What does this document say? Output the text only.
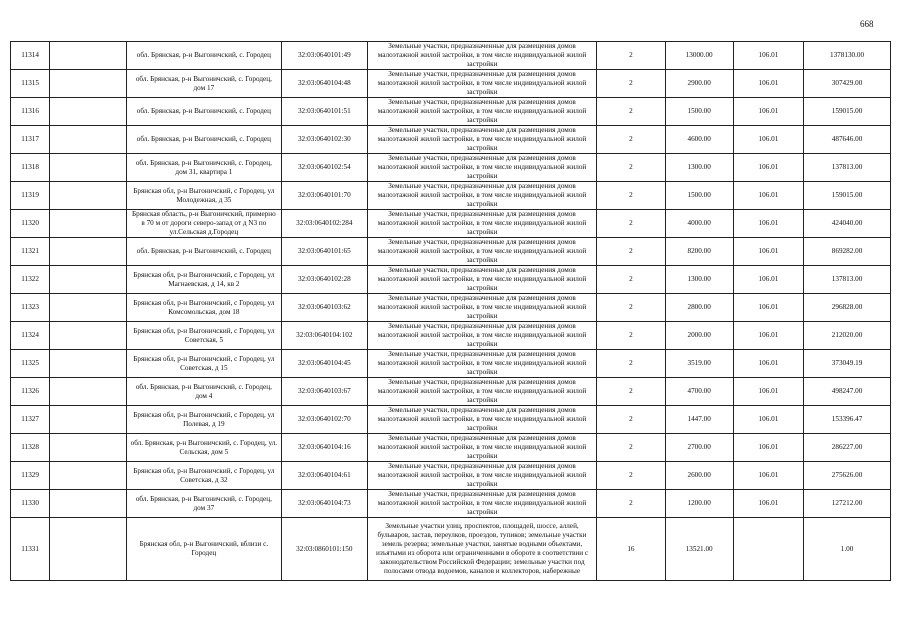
668
11314		обл. Брянская, р-н Выгоничский, с. Городец	32:03:0640101:49	Земельные участки, предназначенные для размещения домов малоэтажной жилой застройки, в том числе индивидуальной жилой застройки	2	13000.00	106.01	1378130.00
11315		обл. Брянская, р-н Выгоничский, с. Городец, дом 17	32:03:0640104:48	Земельные участки, предназначенные для размещения домов малоэтажной жилой застройки, в том числе индивидуальной жилой застройки	2	2900.00	106.01	307429.00
11316		обл. Брянская, р-н Выгоничский, с. Городец	32:03:0640101:51	Земельные участки, предназначенные для размещения домов малоэтажной жилой застройки, в том числе индивидуальной жилой застройки	2	1500.00	106.01	159015.00
11317		обл. Брянская, р-н Выгоничский, с. Городец	32:03:0640102:30	Земельные участки, предназначенные для размещения домов малоэтажной жилой застройки, в том числе индивидуальной жилой застройки	2	4600.00	106.01	487646.00
11318		обл. Брянская, р-н Выгоничский, с. Городец, дом 31, квартира 1	32:03:0640102:54	Земельные участки, предназначенные для размещения домов малоэтажной жилой застройки, в том числе индивидуальной жилой застройки	2	1300.00	106.01	137813.00
11319		Брянская обл, р-н Выгоничский, с Городец, ул Молодежная, д 35	32:03:0640101:70	Земельные участки, предназначенные для размещения домов малоэтажной жилой застройки, в том числе индивидуальной жилой застройки	2	1500.00	106.01	159015.00
11320		Брянская область, р-н Выгоничский, примерно в 70 м от дороги северо-запад от д N3 по ул.Сельская д.Городец	32:03:0640102:284	Земельные участки, предназначенные для размещения домов малоэтажной жилой застройки, в том числе индивидуальной жилой застройки	2	4000.00	106.01	424040.00
11321		обл. Брянская, р-н Выгоничский, с. Городец	32:03:0640101:65	Земельные участки, предназначенные для размещения домов малоэтажной жилой застройки, в том числе индивидуальной жилой застройки	2	8200.00	106.01	869282.00
11322		Брянская обл, р-н Выгоничский, с Городец, ул Магнаевская, д 14, кв 2	32:03:0640102:28	Земельные участки, предназначенные для размещения домов малоэтажной жилой застройки, в том числе индивидуальной жилой застройки	2	1300.00	106.01	137813.00
11323		Брянская обл, р-н Выгоничский, с Городец, ул Комсомольская, дом 18	32:03:0640103:62	Земельные участки, предназначенные для размещения домов малоэтажной жилой застройки, в том числе индивидуальной жилой застройки	2	2800.00	106.01	296828.00
11324		Брянская обл, р-н Выгоничский, с Городец, ул Советская, 5	32:03:0640104:102	Земельные участки, предназначенные для размещения домов малоэтажной жилой застройки, в том числе индивидуальной жилой застройки	2	2000.00	106.01	212020.00
11325		Брянская обл, р-н Выгоничский, с Городец, ул Советская, д 15	32:03:0640104:45	Земельные участки, предназначенные для размещения домов малоэтажной жилой застройки, в том числе индивидуальной жилой застройки	2	3519.00	106.01	373049.19
11326		обл. Брянская, р-н Выгоничский, с. Городец, дом 4	32:03:0640103:67	Земельные участки, предназначенные для размещения домов малоэтажной жилой застройки, в том числе индивидуальной жилой застройки	2	4700.00	106.01	498247.00
11327		Брянская обл, р-н Выгоничский, с Городец, ул Полевая, д 19	32:03:0640102:70	Земельные участки, предназначенные для размещения домов малоэтажной жилой застройки, в том числе индивидуальной жилой застройки	2	1447.00	106.01	153396.47
11328		обл. Брянская, р-н Выгоничский, с. Городец, ул. Сельская, дом 5	32:03:0640104:16	Земельные участки, предназначенные для размещения домов малоэтажной жилой застройки, в том числе индивидуальной жилой застройки	2	2700.00	106.01	286227.00
11329		Брянская обл, р-н Выгоничский, с Городец, ул Советская, д 32	32:03:0640104:61	Земельные участки, предназначенные для размещения домов малоэтажной жилой застройки, в том числе индивидуальной жилой застройки	2	2600.00	106.01	275626.00
11330		обл. Брянская, р-н Выгоничский, с. Городец, дом 37	32:03:0640104:73	Земельные участки, предназначенные для размещения домов малоэтажной жилой застройки, в том числе индивидуальной жилой застройки	2	1200.00	106.01	127212.00
11331		Брянская обл, р-н Выгоничский, вблизи с. Городец	32:03:0860101:150	Земельные участки улиц, проспектов, площадей, шоссе, аллей, бульваров, застав, переулков, проездов, тупиков; земельные участки земель резерва; земельные участки, занятые водными объектами, изъятыми из оборота или ограниченными в обороте в соответствии с законодательством Российской Федерации; земельные участки под полосами отвода водоемов, каналов и коллекторов, набережные	16	13521.00		1.00
